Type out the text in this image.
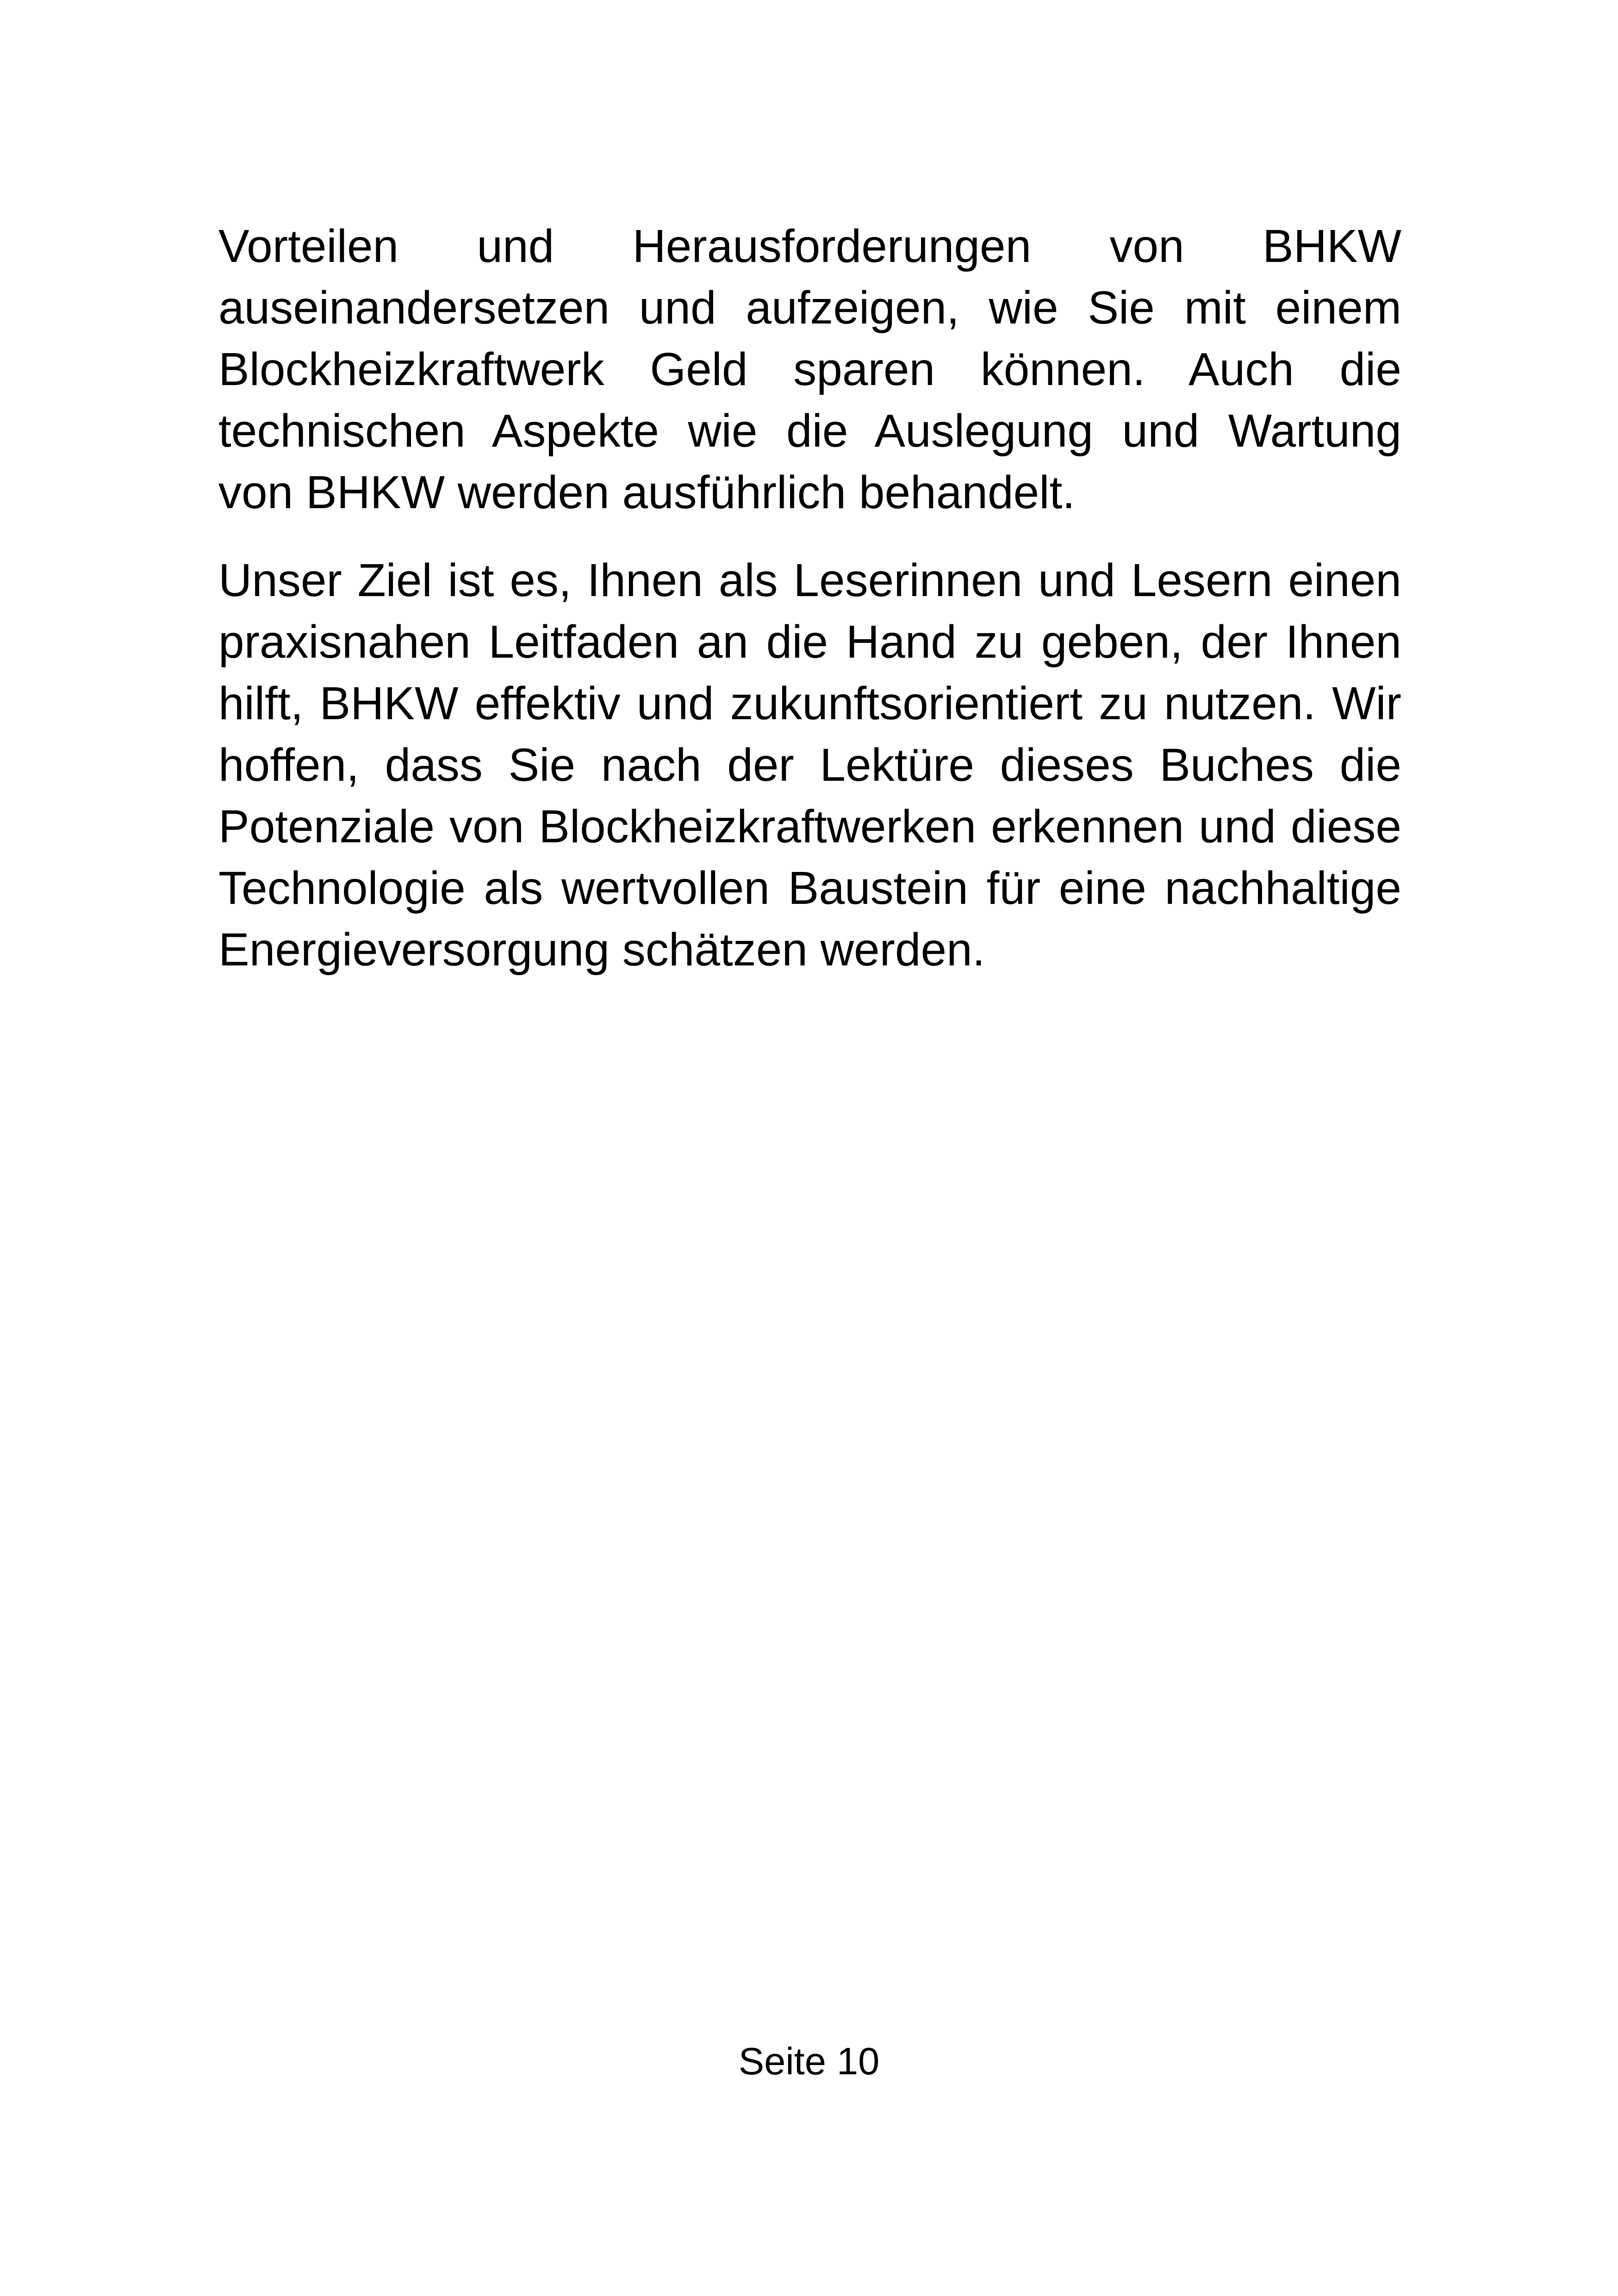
Vorteilen und Herausforderungen von BHKW
auseinandersetzen und aufzeigen, wie Sie mit einem
Blockheizkraftwerk Geld sparen können. Auch die
technischen Aspekte wie die Auslegung und Wartung
von BHKW werden ausführlich behandelt.
Unser Ziel ist es, Ihnen als Leserinnen und Lesern einen
praxisnahen Leitfaden an die Hand zu geben, der Ihnen
hilft, BHKW effektiv und zukunftsorientiert zu nutzen. Wir
hoffen, dass Sie nach der Lektüre dieses Buches die
Potenziale von Blockheizkraftwerken erkennen und diese
Technologie als wertvollen Baustein für eine nachhaltige
Energieversorgung schätzen werden.
Seite 10
